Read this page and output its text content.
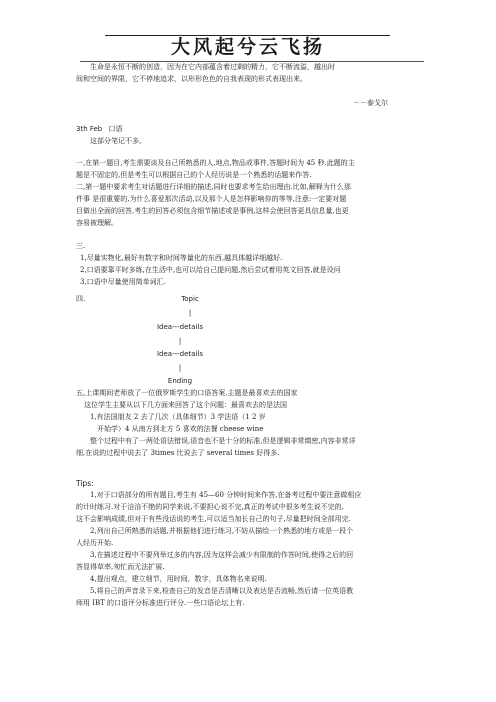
大风起兮云飞扬
生命是永恒不断的创造，因为在它内部蕴含着过剩的精力，它不断流溢，越出时
间和空间的界限，它不停地追求，以形形色色的自我表现的形式表现出来。
－－泰戈尔
3th Feb 口语
这部分笔记不多。
一,在第一题目,考生需要谈及自己所熟悉的人,地点,物品或事件,答题时间为 45 秒.此题的主
题是不固定的,但是考生可以根据自己的个人经历说是一个熟悉的话题来作答.
二,第一题中要求考生对话题进行详细的描述,同时也要求考生给出理由.比如,解释为什么那
件事 是很重要的,为什么喜爱那次活动,以及那个人是怎样影响你的等等,注意:一定要对题
目做出全面的回答,考生的回答必须包含细节描述或是事例,这样会使回答更具信息量,也更
容易被理解。
三.
1,尽量实物化,最好有数字和时间等量化的东西,越具体越详细越好.
2,口语要靠平时多练,在生活中,也可以给自己提问题,然后尝试着用英文回答,就是设问
3,口语中尽量使用简单词汇.
四.	Topic
|
Idea---details
|
Idea---details
|
Ending
五,上课期间老师放了一位俄罗斯学生的口语答案,主题是最喜欢去的国家
这位学生主要从以下几方面来回答了这个问题：最喜欢去的是法国
1,有法国朋友 2 去了几次（具体细节）3 学法语（1 2 岁
开始学）4 从南方到北方 5 喜欢的法餐 cheese wine
整个过程中有了一两处语法错误,语音也不是十分的标准,但是逻辑非常缜密,内容非常详
细,在说的过程中说去了 3times 比说去了 several times 好得多.
Tips:
1,对于口语部分的所有题目,考生有 45—60 分钟时间来作答,在备考过程中要注意做相应
的计时练习.对于涪涪不绝的同学来说,不要担心说不完,真正的考试中很多考生说不完的,
这不会影响成绩,但对于有些没话说的考生,可以适当加长自己的句子,尽量把时间全部用完.
2,列出自己所熟悉的话题,并根据他们进行练习,不妨从描绘一个熟悉的地方或是一段个
人经历开始.
3,在描述过程中不要列举过多的内容,因为这样会减少有限制的作答时间,使得之后的回
答显得草率,匆忙而无法扩展.
4,提出观点，建立细节，用时间，数字，具体物名来说明.
5,将自己的声音录下来,检查自己的发音是否清晰以及表达是否流畅,然后请一位英语教
师用 IBT 的口语评分标准进行评分.一些口语论坛上有.
